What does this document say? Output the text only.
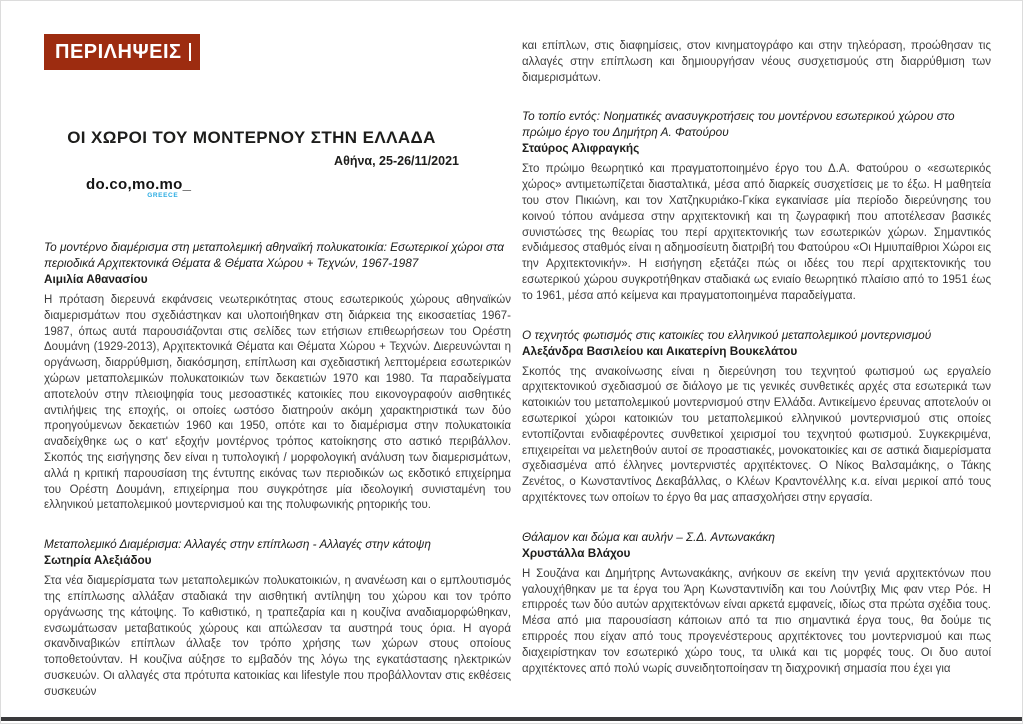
ΠΕΡΙΛΗΨΕΙΣ
ΟΙ ΧΩΡΟΙ ΤΟΥ ΜΟΝΤΕΡΝΟΥ ΣΤΗΝ ΕΛΛΑΔΑ
Αθήνα, 25-26/11/2021
do.co,mo.mo_
GREECE
Το μοντέρνο διαμέρισμα στη μεταπολεμική αθηναϊκή πολυκατοικία: Εσωτερικοί χώροι στα περιοδικά Αρχιτεκτονικά Θέματα & Θέματα Χώρου + Τεχνών, 1967-1987
Αιμιλία Αθανασίου

Η πρόταση διερευνά εκφάνσεις νεωτερικότητας στους εσωτερικούς χώρους αθηναϊκών διαμερισμάτων που σχεδιάστηκαν και υλοποιήθηκαν στη διάρκεια της εικοσαετίας 1967-1987, όπως αυτά παρουσιάζονται στις σελίδες των ετήσιων επιθεωρήσεων του Ορέστη Δουμάνη (1929-2013), Αρχιτεκτονικά Θέματα και Θέματα Χώρου + Τεχνών. Διερευνώνται η οργάνωση, διαρρύθμιση, διακόσμηση, επίπλωση και σχεδιαστική λεπτομέρεια εσωτερικών χώρων μεταπολεμικών πολυκατοικιών των δεκαετιών 1970 και 1980. Τα παραδείγματα αποτελούν στην πλειοψηφία τους μεσοαστικές κατοικίες που εικονογραφούν αισθητικές αντιλήψεις της εποχής, οι οποίες ωστόσο διατηρούν ακόμη χαρακτηριστικά των δύο προηγούμενων δεκαετιών 1960 και 1950, οπότε και το διαμέρισμα στην πολυκατοικία αναδείχθηκε ως ο κατ' εξοχήν μοντέρνος τρόπος κατοίκησης στο αστικό περιβάλλον. Σκοπός της εισήγησης δεν είναι η τυπολογική / μορφολογική ανάλυση των διαμερισμάτων, αλλά η κριτική παρουσίαση της έντυπης εικόνας των περιοδικών ως εκδοτικό επιχείρημα του Ορέστη Δουμάνη, επιχείρημα που συγκρότησε μία ιδεολογική συνισταμένη του ελληνικού μεταπολεμικού μοντερνισμού και της πολυφωνικής ρητορικής του.

Μεταπολεμικό Διαμέρισμα: Αλλαγές στην επίπλωση - Αλλαγές στην κάτοψη
Σωτηρία Αλεξιάδου

Στα νέα διαμερίσματα των μεταπολεμικών πολυκατοικιών, η ανανέωση και ο εμπλουτισμός της επίπλωσης αλλάξαν σταδιακά την αισθητική αντίληψη του χώρου και τον τρόπο οργάνωσης της κάτοψης. Το καθιστικό, η τραπεζαρία και η κουζίνα αναδιαμορφώθηκαν, ενσωμάτωσαν μεταβατικούς χώρους και απώλεσαν τα αυστηρά τους όρια. Η αγορά σκανδιναβικών επίπλων άλλαξε τον τρόπο χρήσης των χώρων στους οποίους τοποθετούνταν. Η κουζίνα αύξησε το εμβαδόν της λόγω της εγκατάστασης ηλεκτρικών συσκευών. Οι αλλαγές στα πρότυπα κατοικίας και lifestyle που προβάλλονταν στις εκθέσεις συσκευών

και επίπλων, στις διαφημίσεις, στον κινηματογράφο και στην τηλεόραση, προώθησαν τις αλλαγές στην επίπλωση και δημιουργήσαν νέους συσχετισμούς στη διαρρύθμιση των διαμερισμάτων.

Το τοπίο εντός: Νοηματικές ανασυγκροτήσεις του μοντέρνου εσωτερικού χώρου στο πρώιμο έργο του Δημήτρη Α. Φατούρου
Σταύρος Αλιφραγκής

Στο πρώιμο θεωρητικό και πραγματοποιημένο έργο του Δ.Α. Φατούρου ο «εσωτερικός χώρος» αντιμετωπίζεται διασταλτικά, μέσα από διαρκείς συσχετίσεις με το έξω. Η μαθητεία του στον Πικιώνη, και τον Χατζηκυριάκο-Γκίκα εγκαινίασε μία περίοδο διερεύνησης του κοινού τόπου ανάμεσα στην αρχιτεκτονική και τη ζωγραφική που αποτέλεσαν βασικές συνιστώσες της θεωρίας του περί αρχιτεκτονικής των εσωτερικών χώρων. Σημαντικός ενδιάμεσος σταθμός είναι η αδημοσίευτη διατριβή του Φατούρου «Οι Ημιυπαίθριοι Χώροι εις την Αρχιτεκτονικήν». Η εισήγηση εξετάζει πώς οι ιδέες του περί αρχιτεκτονικής του εσωτερικού χώρου συγκροτήθηκαν σταδιακά ως ενιαίο θεωρητικό πλαίσιο από το 1951 έως το 1961, μέσα από κείμενα και πραγματοποιημένα παραδείγματα.

Ο τεχνητός φωτισμός στις κατοικίες του ελληνικού μεταπολεμικού μοντερνισμού
Αλεξάνδρα Βασιλείου και Αικατερίνη Βουκελάτου

Σκοπός της ανακοίνωσης είναι η διερεύνηση του τεχνητού φωτισμού ως εργαλείο αρχιτεκτονικού σχεδιασμού σε διάλογο με τις γενικές συνθετικές αρχές στα εσωτερικά των κατοικιών του μεταπολεμικού μοντερνισμού στην Ελλάδα. Αντικείμενο έρευνας αποτελούν οι εσωτερικοί χώροι κατοικιών του μεταπολεμικού ελληνικού μοντερνισμού στις οποίες εντοπίζονται ενδιαφέροντες συνθετικοί χειρισμοί του τεχνητού φωτισμού. Συγκεκριμένα, επιχειρείται να μελετηθούν αυτοί σε προαστιακές, μονοκατοικίες και σε αστικά διαμερίσματα σχεδιασμένα από έλληνες μοντερνιστές αρχιτέκτονες. Ο Νίκος Βαλσαμάκης, ο Τάκης Ζενέτος, ο Κωνσταντίνος Δεκαβάλλας, ο Κλέων Κραντονέλλης κ.α. είναι μερικοί από τους αρχιτέκτονες των οποίων το έργο θα μας απασχολήσει στην εργασία.

Θάλαμον και δώμα και αυλήν – Σ.Δ. Αντωνακάκη
Χρυστάλλα Βλάχου

Η Σουζάνα και Δημήτρης Αντωνακάκης, ανήκουν σε εκείνη την γενιά αρχιτεκτόνων που γαλουχήθηκαν με τα έργα του Άρη Κωνσταντινίδη και του Λούντβιχ Μις φαν ντερ Ρόε. Η επιρροές των δύο αυτών αρχιτεκτόνων είναι αρκετά εμφανείς, ιδίως στα πρώτα σχέδια τους. Μέσα από μια παρουσίαση κάποιων από τα πιο σημαντικά έργα τους, θα δούμε τις επιρροές που είχαν από τους προγενέστερους αρχιτέκτονες του μοντερνισμού και πως διαχειρίστηκαν τον εσωτερικό χώρο τους, τα υλικά και τις μορφές τους. Οι δυο αυτοί αρχιτέκτονες από πολύ νωρίς συνειδητοποίησαν τη διαχρονική σημασία που έχει για
